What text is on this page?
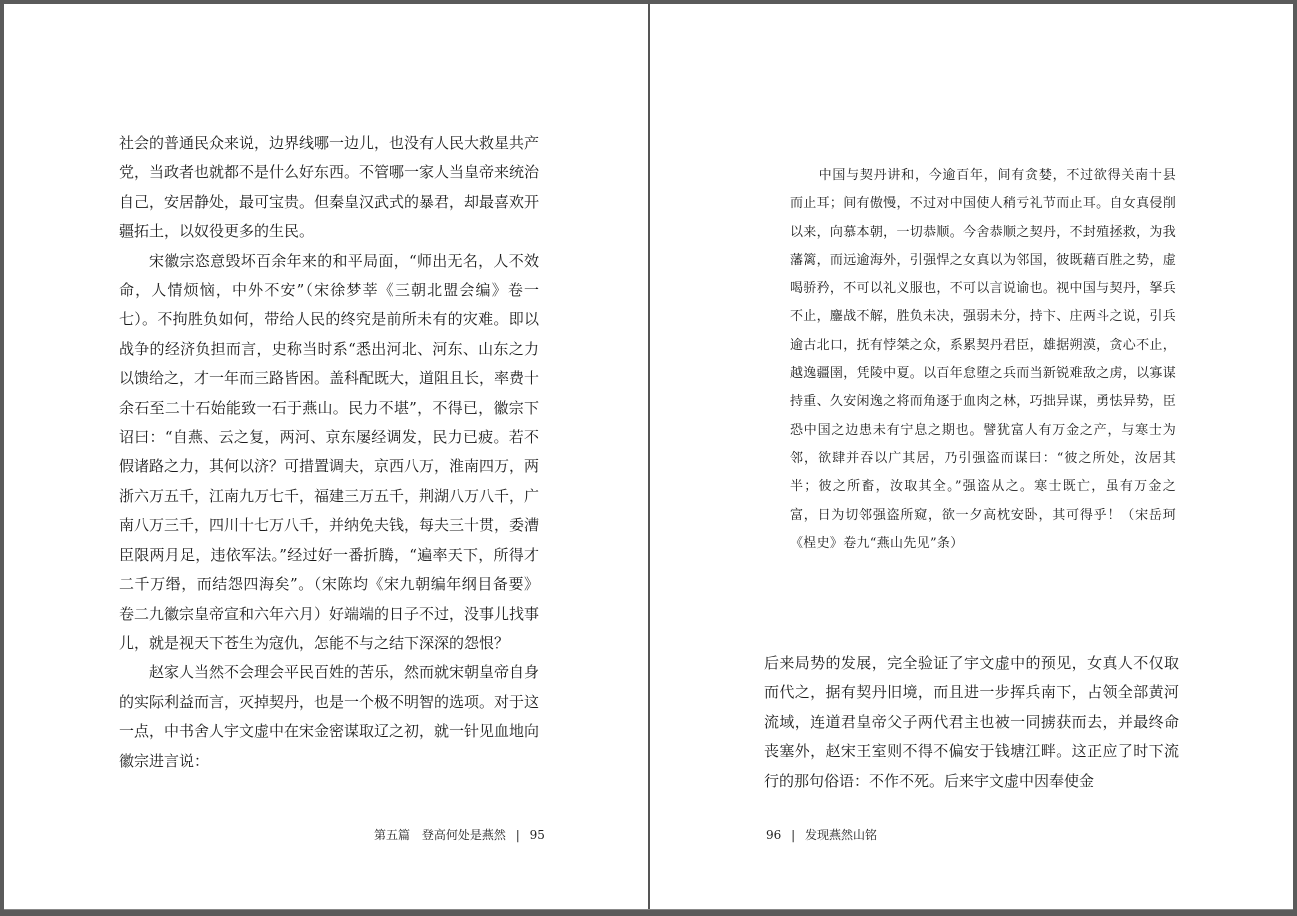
社会的普通民众来说，边界线哪一边儿，也没有人民大救星共产党，当政者也就都不是什么好东西。不管哪一家人当皇帝来统治自己，安居静处，最可宝贵。但秦皇汉武式的暴君，却最喜欢开疆拓土，以奴役更多的生民。

宋徽宗恣意毁坏百余年来的和平局面，“师出无名，人不效命，人情烦恼，中外不安”（宋徐梦莘《三朝北盟会编》卷一七）。不拘胜负如何，带给人民的终究是前所未有的灾难。即以战争的经济负担而言，史称当时系“悉出河北、河东、山东之力以馈给之，才一年而三路皆困。盖科配既大，道阻且长，率费十余石至二十石始能致一石于燕山。民力不堪”，不得已，徽宗下诏曰：“自燕、云之复，两河、京东屡经调发，民力已疲。若不假诸路之力，其何以济？可措置调夫，京西八万，淮南四万，两浙六万五千，江南九万七千，福建三万五千，荆湖八万八千，广南八万三千，四川十七万八千，并纳免夫钱，每夫三十贯，委漕臣限两月足，违依军法。”经过好一番折腾，“遍率天下，所得才二千万缗，而结怨四海矣”。（宋陈均《宋九朝编年纲目备要》卷二九徽宗皇帝宣和六年六月）好端端的日子不过，没事儿找事儿，就是视天下苍生为寇仇，怎能不与之结下深深的怨恨？

赵家人当然不会理会平民百姓的苦乐，然而就宋朝皇帝自身的实际利益而言，灭掉契丹，也是一个极不明智的选项。对于这一点，中书舍人宇文虚中在宋金密谋取辽之初，就一针见血地向徽宗进言说：

第五篇 登高何处是燕然 | 95
中国与契丹讲和，今逾百年，间有贪婪，不过欲得关南十县而止耳；间有傲慢，不过对中国使人稍亏礼节而止耳。自女真侵削以来，向慕本朝，一切恭顺。今舍恭顺之契丹，不封殖拯救，为我藩篱，而远逾海外，引强悍之女真以为邻国，彼既藉百胜之势，虚喝骄矜，不可以礼义服也，不可以言说谕也。视中国与契丹，拏兵不止，鏖战不解，胜负未决，强弱未分，持卞、庄两斗之说，引兵逾古北口，抚有悖桀之众，系累契丹君臣，雄据朔漠，贪心不止，越逸疆圉，凭陵中夏。以百年怠堕之兵而当新锐难敌之虏，以寡谋持重、久安闲逸之将而角逐于血肉之林，巧拙异谋，勇怯异势，臣恐中国之边患未有宁息之期也。譬犹富人有万金之产，与寒士为邻，欲肆并吞以广其居，乃引强盗而谋曰：“彼之所处，汝居其半；彼之所畜，汝取其全。”强盗从之。寒士既亡，虽有万金之富，日为切邻强盗所窥，欲一夕高枕安卧，其可得乎！（宋岳珂《桯史》卷九“燕山先见”条）

后来局势的发展，完全验证了宇文虚中的预见，女真人不仅取而代之，据有契丹旧境，而且进一步挥兵南下，占领全部黄河流域，连道君皇帝父子两代君主也被一同掳获而去，并最终命丧塞外，赵宋王室则不得不偏安于钱塘江畔。这正应了时下流行的那句俗语：不作不死。后来宇文虚中因奉使金

96 | 发现燕然山铭
